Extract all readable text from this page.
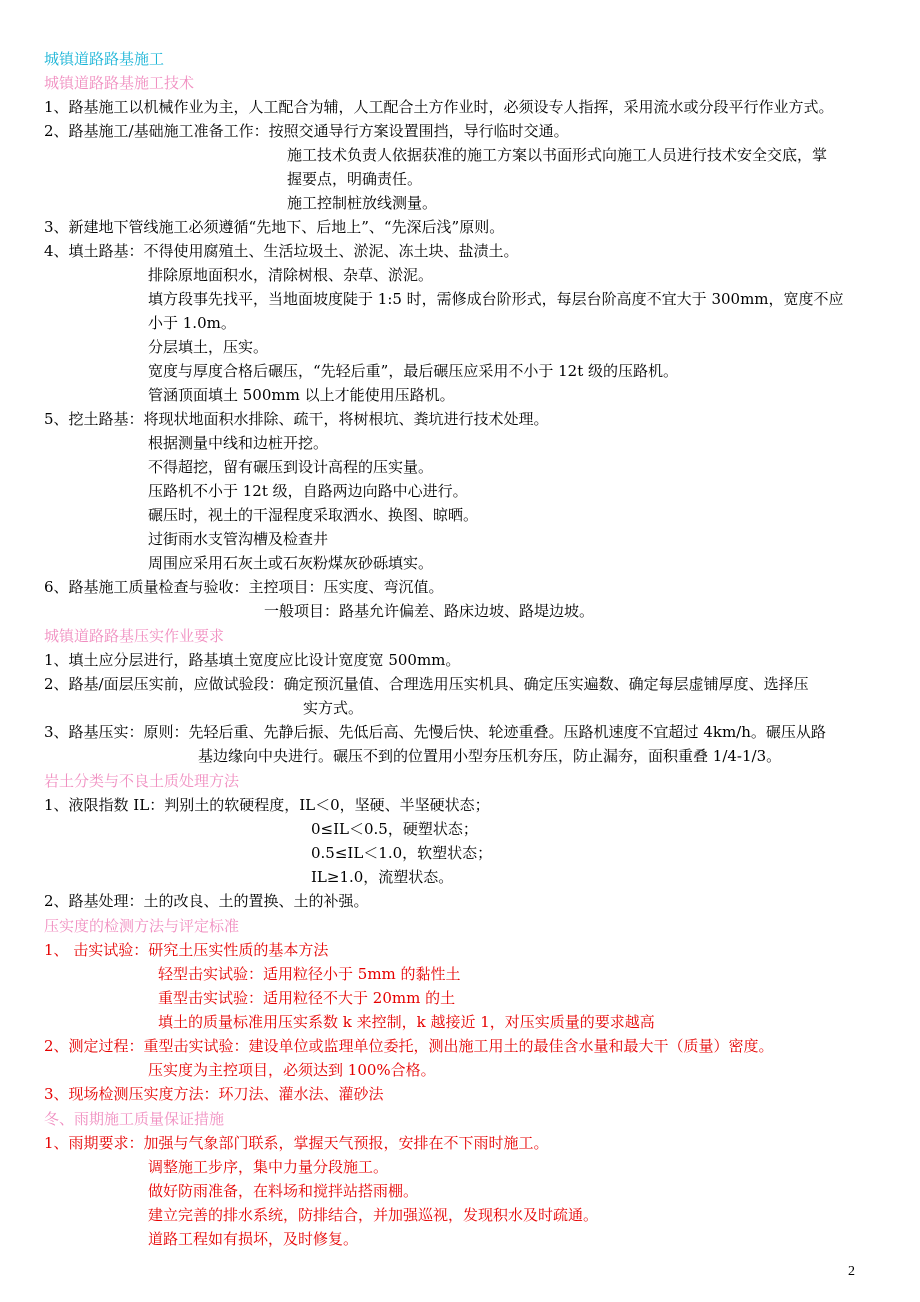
城镇道路路基施工
城镇道路路基施工技术
1、路基施工以机械作业为主，人工配合为辅，人工配合土方作业时，必须设专人指挥，采用流水或分段平行作业方式。
2、路基施工/基础施工准备工作：按照交通导行方案设置围挡，导行临时交通。
施工技术负责人依据获准的施工方案以书面形式向施工人员进行技术安全交底，掌
握要点，明确责任。
施工控制桩放线测量。
3、新建地下管线施工必须遵循“先地下、后地上”、“先深后浅”原则。
4、填土路基：不得使用腐殖土、生活垃圾土、淤泥、冻土块、盐渍土。
排除原地面积水，清除树根、杂草、淤泥。
填方段事先找平，当地面坡度陡于 1:5 时，需修成台阶形式，每层台阶高度不宜大于 300mm，宽度不应
小于 1.0m。
分层填土，压实。
宽度与厚度合格后碾压，“先轻后重”，最后碾压应采用不小于 12t 级的压路机。
管涵顶面填土 500mm 以上才能使用压路机。
5、挖土路基：将现状地面积水排除、疏干，将树根坑、粪坑进行技术处理。
根据测量中线和边桩开挖。
不得超挖，留有碾压到设计高程的压实量。
压路机不小于 12t 级，自路两边向路中心进行。
碾压时，视土的干湿程度采取洒水、换图、晾晒。
过街雨水支管沟槽及检查井
周围应采用石灰土或石灰粉煤灰砂砾填实。
6、路基施工质量检查与验收：主控项目：压实度、弯沉值。
一般项目：路基允许偏差、路床边坡、路堤边坡。
城镇道路路基压实作业要求
1、填土应分层进行，路基填土宽度应比设计宽度宽 500mm。
2、路基/面层压实前，应做试验段：确定预沉量值、合理选用压实机具、确定压实遍数、确定每层虚铺厚度、选择压
实方式。
3、路基压实：原则：先轻后重、先静后振、先低后高、先慢后快、轮迹重叠。压路机速度不宜超过 4km/h。碾压从路
基边缘向中央进行。碾压不到的位置用小型夯压机夯压，防止漏夯，面积重叠 1/4-1/3。
岩土分类与不良土质处理方法
1、液限指数 IL：判别土的软硬程度，IL＜0，坚硬、半坚硬状态；
0≤IL＜0.5，硬塑状态；
0.5≤IL＜1.0，软塑状态；
IL≥1.0，流塑状态。
2、路基处理：土的改良、土的置换、土的补强。
压实度的检测方法与评定标准
1、 击实试验：研究土压实性质的基本方法
轻型击实试验：适用粒径小于 5mm 的黏性土
重型击实试验：适用粒径不大于 20mm 的土
填土的质量标准用压实系数 k 来控制，k 越接近 1，对压实质量的要求越高
2、测定过程：重型击实试验：建设单位或监理单位委托，测出施工用土的最佳含水量和最大干（质量）密度。
压实度为主控项目，必须达到 100%合格。
3、现场检测压实度方法：环刀法、灌水法、灌砂法
冬、雨期施工质量保证措施
1、雨期要求：加强与气象部门联系，掌握天气预报，安排在不下雨时施工。
调整施工步序，集中力量分段施工。
做好防雨准备，在料场和搅拌站搭雨棚。
建立完善的排水系统，防排结合，并加强巡视，发现积水及时疏通。
道路工程如有损坏，及时修复。
2
